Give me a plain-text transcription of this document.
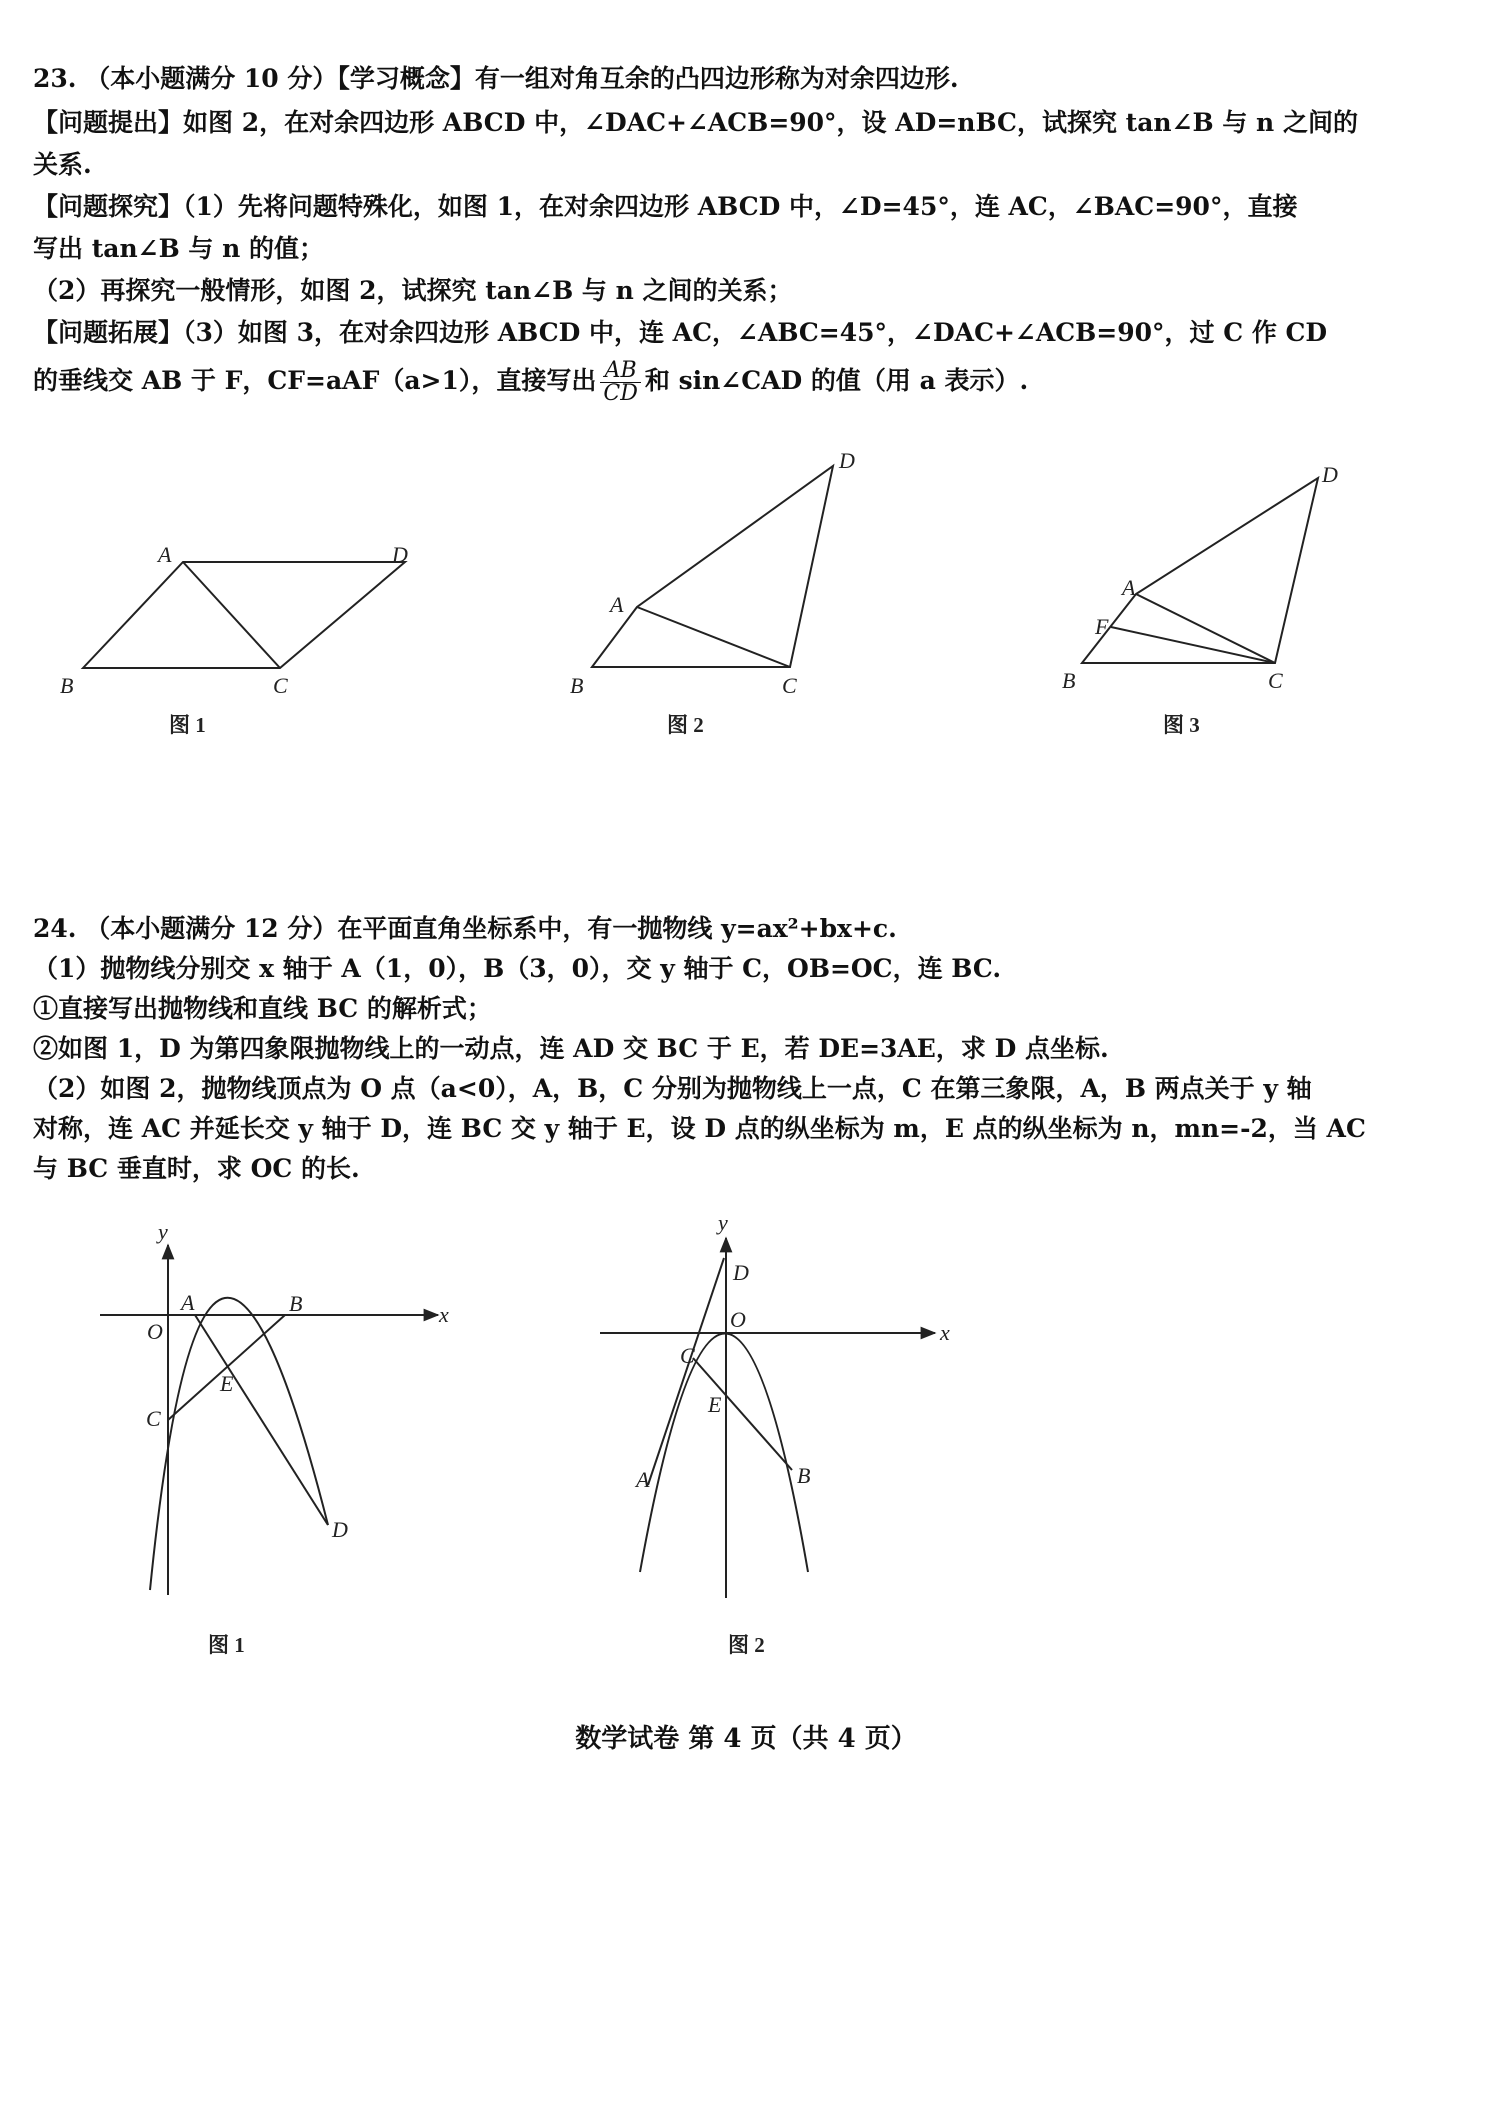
23. （本小题满分 10 分）【学习概念】有一组对角互余的凸四边形称为对余四边形.
【问题提出】如图 2，在对余四边形 ABCD 中，∠DAC+∠ACB=90°，设 AD=nBC，试探究 tan∠B 与 n 之间的
关系.
【问题探究】（1）先将问题特殊化，如图 1，在对余四边形 ABCD 中，∠D=45°，连 AC，∠BAC=90°，直接
写出 tan∠B 与 n 的值；
（2）再探究一般情形，如图 2，试探究 tan∠B 与 n 之间的关系；
【问题拓展】（3）如图 3，在对余四边形 ABCD 中，连 AC，∠ABC=45°，∠DAC+∠ACB=90°，过 C 作 CD
的垂线交 AB 于 F，CF=aAF（a>1），直接写出 $\frac{AB}{CD}$ 和 sin∠CAD 的值（用 a 表示）.
A	D
B	C
图 1
A
D
B	C
图 2
A
F
D
B	C
图 3
24. （本小题满分 12 分）在平面直角坐标系中，有一抛物线 y=ax²+bx+c.
（1）抛物线分别交 x 轴于 A（1，0），B（3，0），交 y 轴于 C，OB=OC，连 BC.
①直接写出抛物线和直线 BC 的解析式；
②如图 1，D 为第四象限抛物线上的一动点，连 AD 交 BC 于 E，若 DE=3AE，求 D 点坐标.
（2）如图 2，抛物线顶点为 O 点（a<0），A，B，C 分别为抛物线上一点，C 在第三象限，A，B 两点关于 y 轴
对称，连 AC 并延长交 y 轴于 D，连 BC 交 y 轴于 E，设 D 点的纵坐标为 m，E 点的纵坐标为 n，mn=-2，当 AC
与 BC 垂直时，求 OC 的长.
y
x
O
A	B
E
C
D
图 1
y
x
D
O
C
E
A	B
图 2
数学试卷 第 4 页（共 4 页）
